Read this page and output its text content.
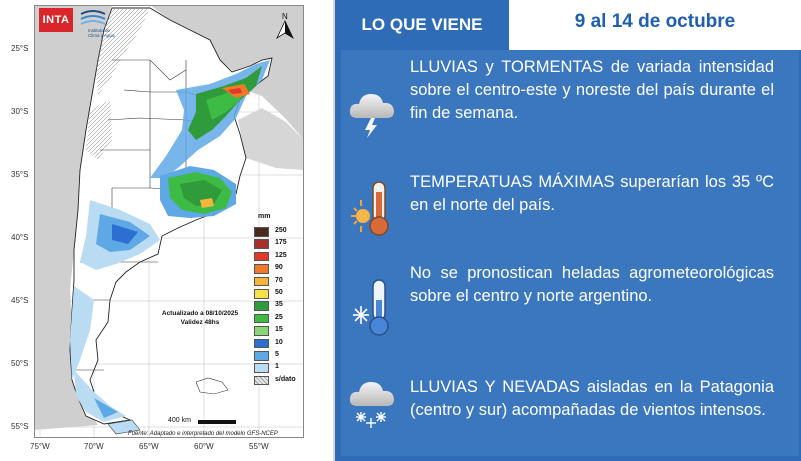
25°S
30°S
35°S
40°S
45°S
50°S
55°S
75°W	70°W	65°W	60°W	55°W
INTA
Instituto de Clima y Agua
N
Actualizado a 08/10/2025
Validez 48hs
mm
400 km
Fuente: Adaptado e interpretado del modelo GFS-NCEP
250
175
125
90
70
50
35
25
15
10
5
1
s/dato
LO QUE VIENE	9 al 14 de octubre
LLUVIAS y TORMENTAS de variada intensidad sobre el centro-este y noreste del país durante el fin de semana.
TEMPERATUAS MÁXIMAS superarían los 35 ºC en el norte del país.
No se pronostican heladas agrometeorológicas sobre el centro y norte argentino.
LLUVIAS Y NEVADAS aisladas en la Patagonia (centro y sur) acompañadas de vientos intensos.
